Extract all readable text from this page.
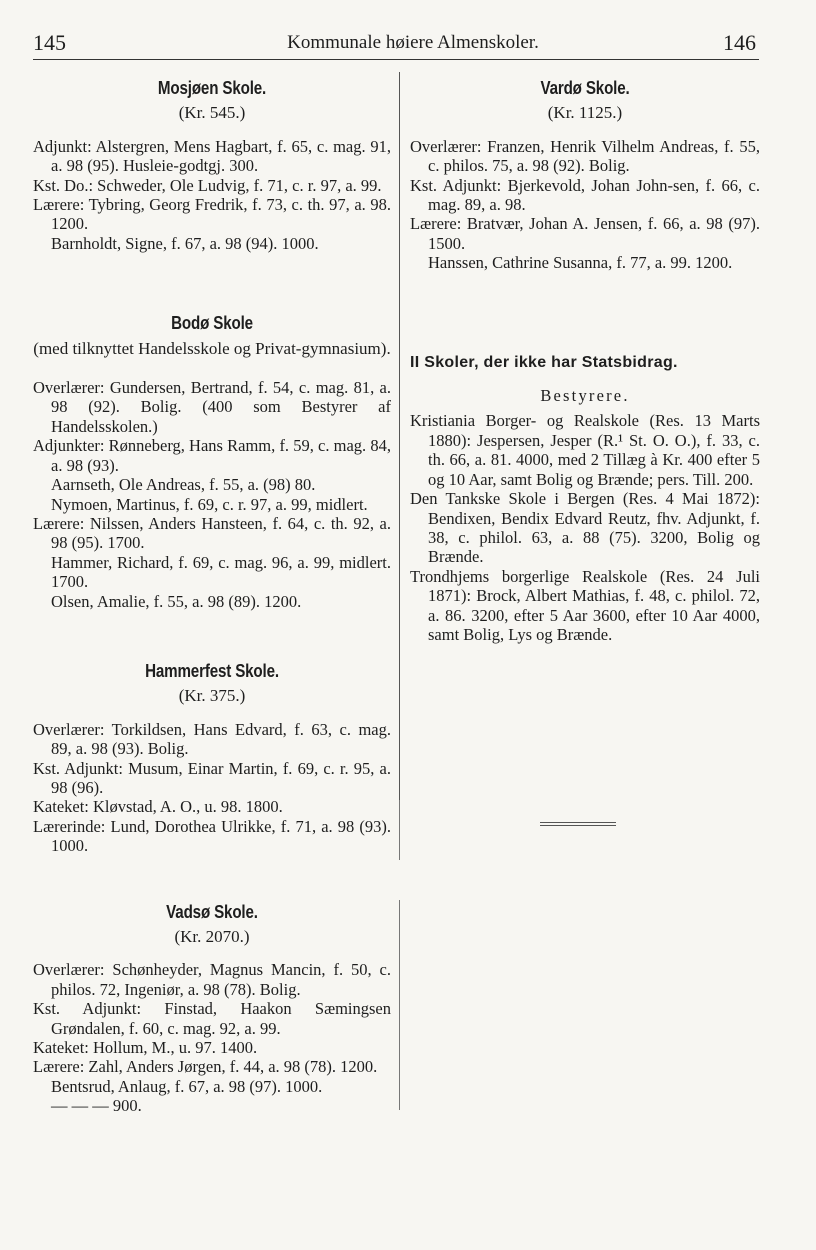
145	Kommunale høiere Almenskoler.	146
Mosjøen Skole.
(Kr. 545.)
Adjunkt: Alstergren, Mens Hagbart, f. 65, c. mag. 91, a. 98 (95). Husleie-godtgj. 300.
Kst. Do.: Schweder, Ole Ludvig, f. 71, c. r. 97, a. 99.
Lærere: Tybring, Georg Fredrik, f. 73, c. th. 97, a. 98. 1200.
Barnholdt, Signe, f. 67, a. 98 (94). 1000.
Bodø Skole
(med tilknyttet Handelsskole og Privat-gymnasium).
Overlærer: Gundersen, Bertrand, f. 54, c. mag. 81, a. 98 (92). Bolig. (400 som Bestyrer af Handelsskolen.)
Adjunkter: Rønneberg, Hans Ramm, f. 59, c. mag. 84, a. 98 (93).
Aarnseth, Ole Andreas, f. 55, a. (98) 80.
Nymoen, Martinus, f. 69, c. r. 97, a. 99, midlert.
Lærere: Nilssen, Anders Hansteen, f. 64, c. th. 92, a. 98 (95). 1700.
Hammer, Richard, f. 69, c. mag. 96, a. 99, midlert. 1700.
Olsen, Amalie, f. 55, a. 98 (89). 1200.
Hammerfest Skole.
(Kr. 375.)
Overlærer: Torkildsen, Hans Edvard, f. 63, c. mag. 89, a. 98 (93). Bolig.
Kst. Adjunkt: Musum, Einar Martin, f. 69, c. r. 95, a. 98 (96).
Kateket: Kløvstad, A. O., u. 98. 1800.
Lærerinde: Lund, Dorothea Ulrikke, f. 71, a. 98 (93). 1000.
Vadsø Skole.
(Kr. 2070.)
Overlærer: Schønheyder, Magnus Mancin, f. 50, c. philos. 72, Ingeniør, a. 98 (78). Bolig.
Kst. Adjunkt: Finstad, Haakon Sæmingsen Grøndalen, f. 60, c. mag. 92, a. 99.
Kateket: Hollum, M., u. 97. 1400.
Lærere: Zahl, Anders Jørgen, f. 44, a. 98 (78). 1200.
Bentsrud, Anlaug, f. 67, a. 98 (97). 1000.
— — — 900.
Vardø Skole.
(Kr. 1125.)
Overlærer: Franzen, Henrik Vilhelm Andreas, f. 55, c. philos. 75, a. 98 (92). Bolig.
Kst. Adjunkt: Bjerkevold, Johan John-sen, f. 66, c. mag. 89, a. 98.
Lærere: Bratvær, Johan A. Jensen, f. 66, a. 98 (97). 1500.
Hanssen, Cathrine Susanna, f. 77, a. 99. 1200.
II Skoler, der ikke har Statsbidrag.
Bestyrere.
Kristiania Borger- og Realskole (Res. 13 Marts 1880): Jespersen, Jesper (R.¹ St. O. O.), f. 33, c. th. 66, a. 81. 4000, med 2 Tillæg à Kr. 400 efter 5 og 10 Aar, samt Bolig og Brænde; pers. Till. 200.
Den Tankske Skole i Bergen (Res. 4 Mai 1872): Bendixen, Bendix Edvard Reutz, fhv. Adjunkt, f. 38, c. philol. 63, a. 88 (75). 3200, Bolig og Brænde.
Trondhjems borgerlige Realskole (Res. 24 Juli 1871): Brock, Albert Mathias, f. 48, c. philol. 72, a. 86. 3200, efter 5 Aar 3600, efter 10 Aar 4000, samt Bolig, Lys og Brænde.
